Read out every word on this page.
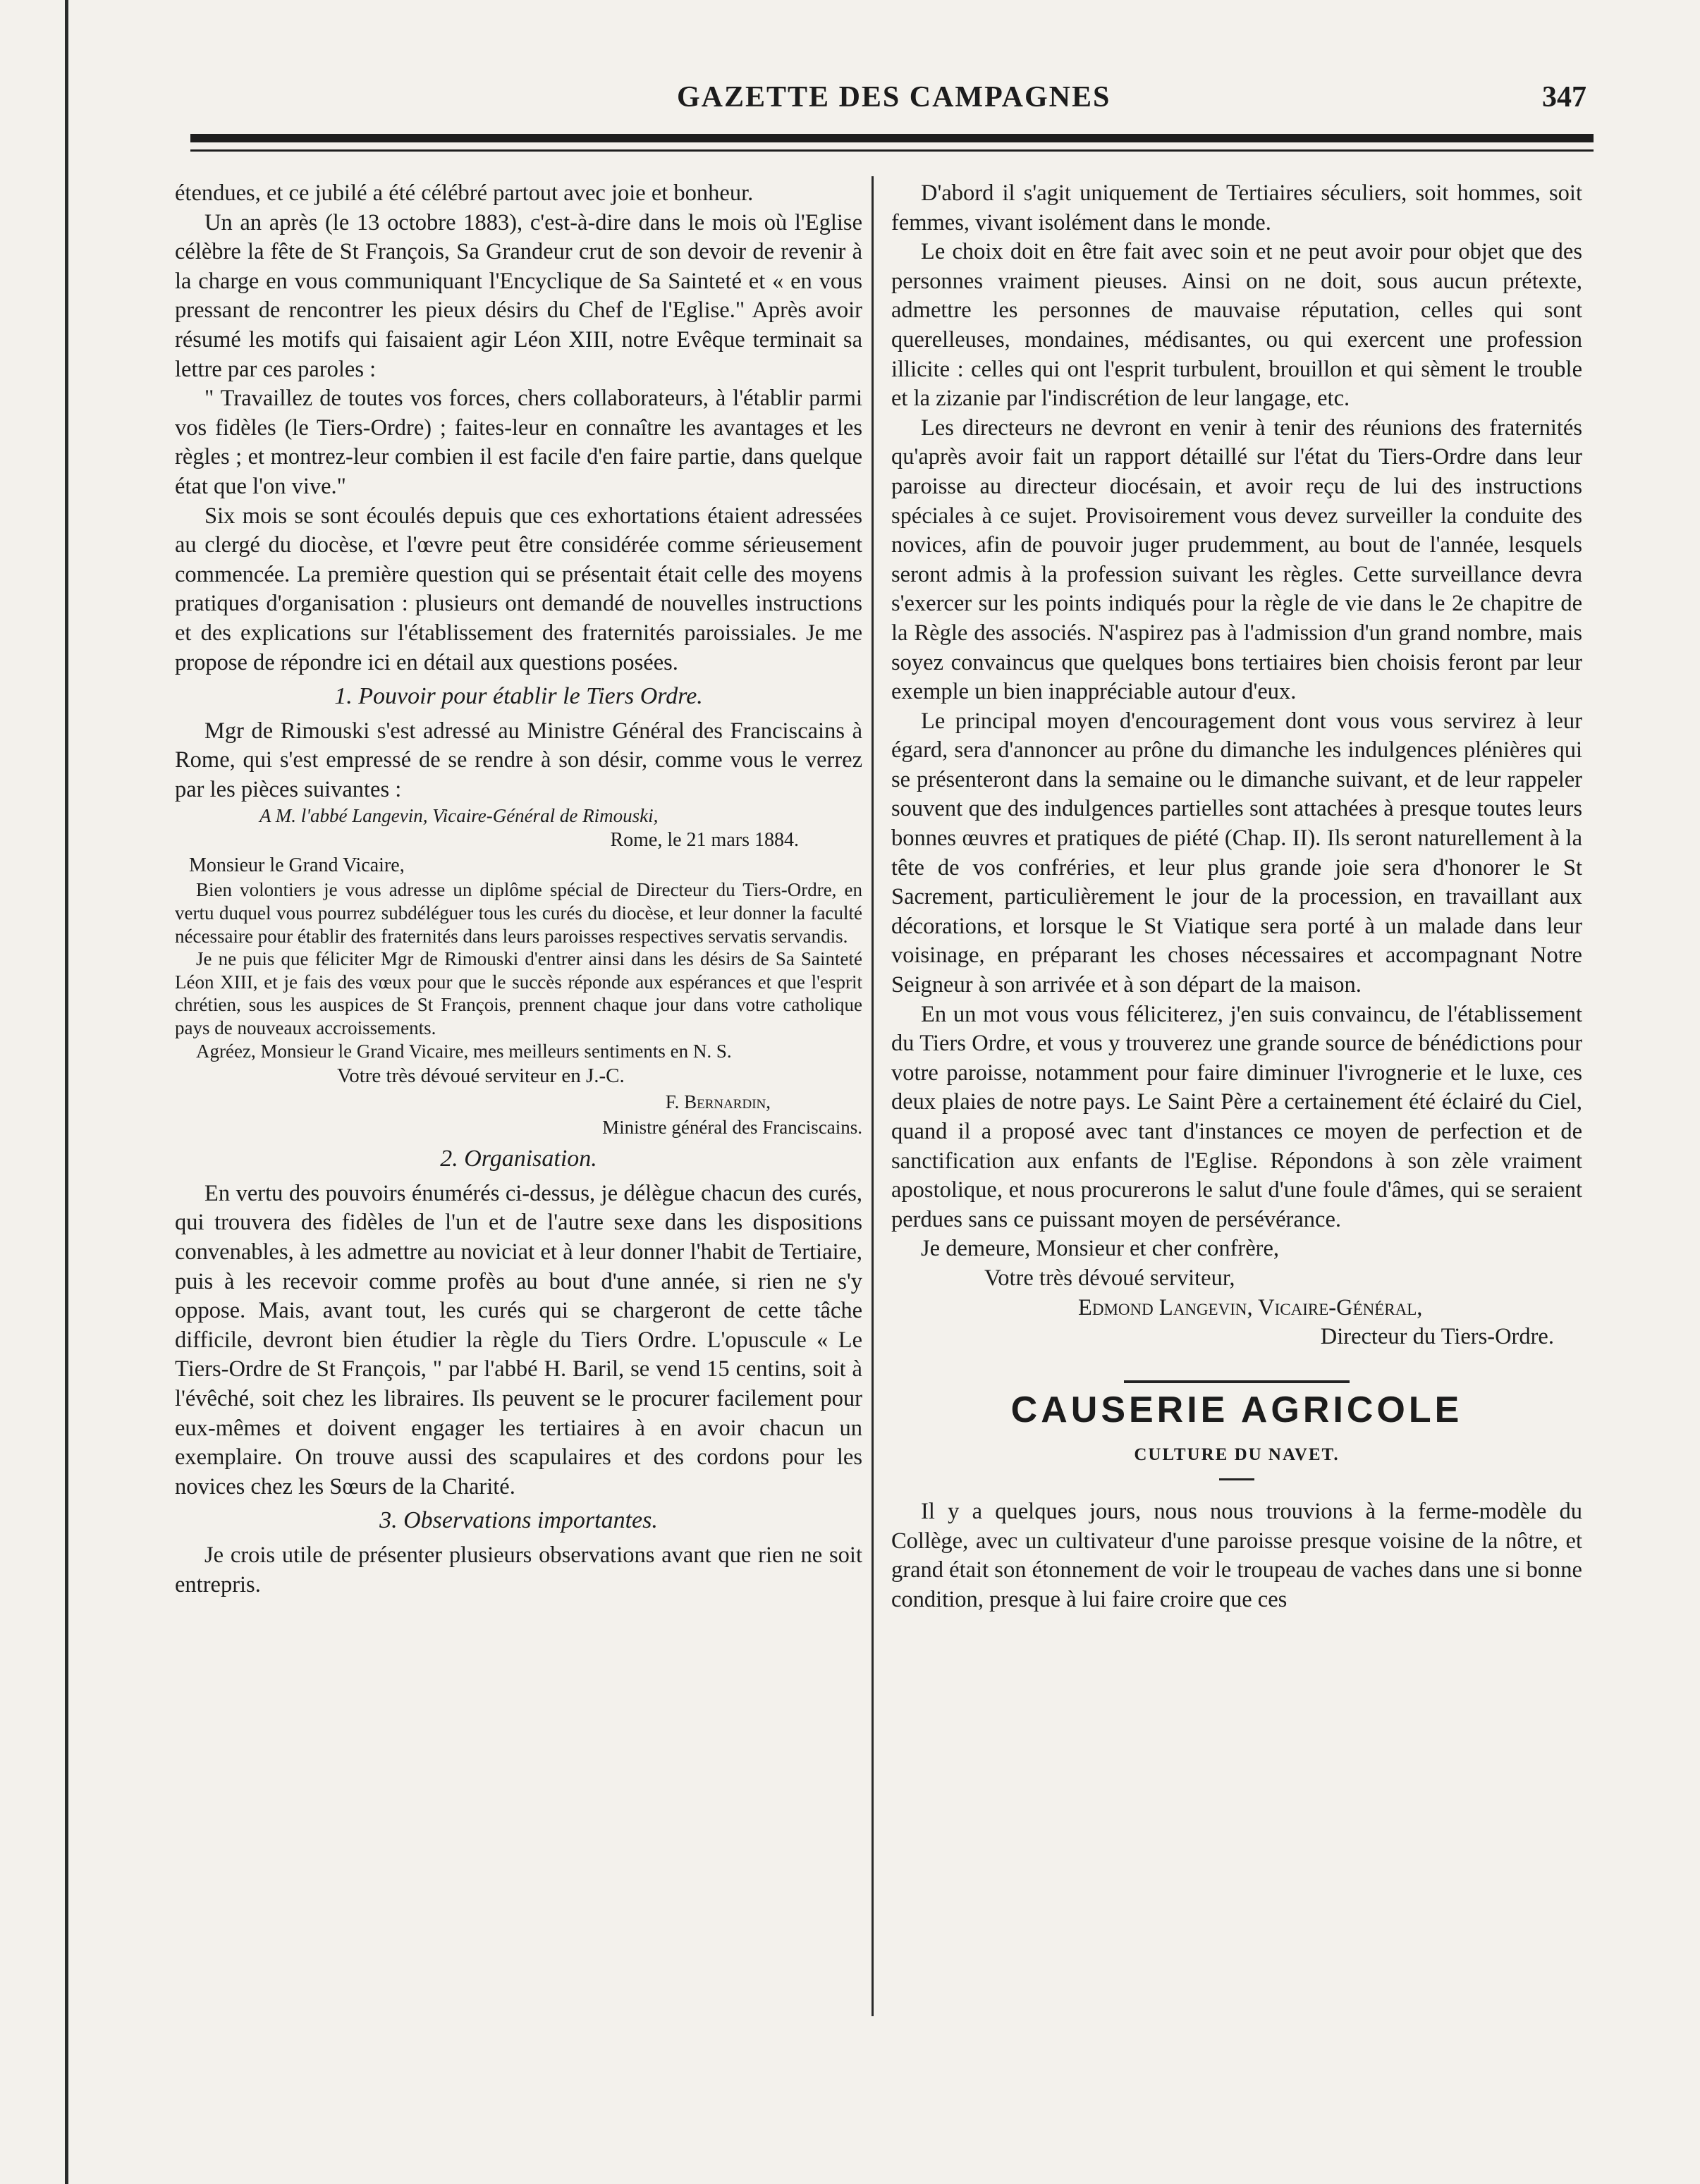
GAZETTE DES CAMPAGNES	347

étendues, et ce jubilé a été célébré partout avec joie et bonheur.

Un an après (le 13 octobre 1883), c'est-à-dire dans le mois où l'Eglise célèbre la fête de St François, Sa Grandeur crut de son devoir de revenir à la charge en vous communiquant l'Encyclique de Sa Sainteté et « en vous pressant de rencontrer les pieux désirs du Chef de l'Eglise." Après avoir résumé les motifs qui faisaient agir Léon XIII, notre Evêque terminait sa lettre par ces paroles :

" Travaillez de toutes vos forces, chers collaborateurs, à l'établir parmi vos fidèles (le Tiers-Ordre) ; faites-leur en connaître les avantages et les règles ; et montrez-leur combien il est facile d'en faire partie, dans quelque état que l'on vive."

Six mois se sont écoulés depuis que ces exhortations étaient adressées au clergé du diocèse, et l'œvre peut être considérée comme sérieusement commencée. La première question qui se présentait était celle des moyens pratiques d'organisation : plusieurs ont demandé de nouvelles instructions et des explications sur l'établissement des fraternités paroissiales. Je me propose de répondre ici en détail aux questions posées.

1. Pouvoir pour établir le Tiers Ordre.

Mgr de Rimouski s'est adressé au Ministre Général des Franciscains à Rome, qui s'est empressé de se rendre à son désir, comme vous le verrez par les pièces suivantes :

A M. l'abbé Langevin, Vicaire-Général de Rimouski,
Rome, le 21 mars 1884.
Monsieur le Grand Vicaire,

Bien volontiers je vous adresse un diplôme spécial de Directeur du Tiers-Ordre, en vertu duquel vous pourrez subdéléguer tous les curés du diocèse, et leur donner la faculté nécessaire pour établir des fraternités dans leurs paroisses respectives servatis servandis.

Je ne puis que féliciter Mgr de Rimouski d'entrer ainsi dans les désirs de Sa Sainteté Léon XIII, et je fais des vœux pour que le succès réponde aux espérances et que l'esprit chrétien, sous les auspices de St François, prennent chaque jour dans votre catholique pays de nouveaux accroissements.

Agréez, Monsieur le Grand Vicaire, mes meilleurs sentiments en N. S.

Votre très dévoué serviteur en J.-C.
F. Bernardin,
Ministre général des Franciscains.
2. Organisation.

En vertu des pouvoirs énumérés ci-dessus, je délègue chacun des curés, qui trouvera des fidèles de l'un et de l'autre sexe dans les dispositions convenables, à les admettre au noviciat et à leur donner l'habit de Tertiaire, puis à les recevoir comme profès au bout d'une année, si rien ne s'y oppose. Mais, avant tout, les curés qui se chargeront de cette tâche difficile, devront bien étudier la règle du Tiers Ordre. L'opuscule « Le Tiers-Ordre de St François, " par l'abbé H. Baril, se vend 15 centins, soit à l'évêché, soit chez les libraires. Ils peuvent se le procurer facilement pour eux-mêmes et doivent engager les tertiaires à en avoir chacun un exemplaire. On trouve aussi des scapulaires et des cordons pour les novices chez les Sœurs de la Charité.

3. Observations importantes.

Je crois utile de présenter plusieurs observations avant que rien ne soit entrepris.

D'abord il s'agit uniquement de Tertiaires séculiers, soit hommes, soit femmes, vivant isolément dans le monde.

Le choix doit en être fait avec soin et ne peut avoir pour objet que des personnes vraiment pieuses. Ainsi on ne doit, sous aucun prétexte, admettre les personnes de mauvaise réputation, celles qui sont querelleuses, mondaines, médisantes, ou qui exercent une profession illicite : celles qui ont l'esprit turbulent, brouillon et qui sèment le trouble et la zizanie par l'indiscrétion de leur langage, etc.

Les directeurs ne devront en venir à tenir des réunions des fraternités qu'après avoir fait un rapport détaillé sur l'état du Tiers-Ordre dans leur paroisse au directeur diocésain, et avoir reçu de lui des instructions spéciales à ce sujet. Provisoirement vous devez surveiller la conduite des novices, afin de pouvoir juger prudemment, au bout de l'année, lesquels seront admis à la profession suivant les règles. Cette surveillance devra s'exercer sur les points indiqués pour la règle de vie dans le 2e chapitre de la Règle des associés. N'aspirez pas à l'admission d'un grand nombre, mais soyez convaincus que quelques bons tertiaires bien choisis feront par leur exemple un bien inappréciable autour d'eux.

Le principal moyen d'encouragement dont vous vous servirez à leur égard, sera d'annoncer au prône du dimanche les indulgences plénières qui se présenteront dans la semaine ou le dimanche suivant, et de leur rappeler souvent que des indulgences partielles sont attachées à presque toutes leurs bonnes œuvres et pratiques de piété (Chap. II). Ils seront naturellement à la tête de vos confréries, et leur plus grande joie sera d'honorer le St Sacrement, particulièrement le jour de la procession, en travaillant aux décorations, et lorsque le St Viatique sera porté à un malade dans leur voisinage, en préparant les choses nécessaires et accompagnant Notre Seigneur à son arrivée et à son départ de la maison.

En un mot vous vous féliciterez, j'en suis convaincu, de l'établissement du Tiers Ordre, et vous y trouverez une grande source de bénédictions pour votre paroisse, notamment pour faire diminuer l'ivrognerie et le luxe, ces deux plaies de notre pays. Le Saint Père a certainement été éclairé du Ciel, quand il a proposé avec tant d'instances ce moyen de perfection et de sanctification aux enfants de l'Eglise. Répondons à son zèle vraiment apostolique, et nous procurerons le salut d'une foule d'âmes, qui se seraient perdues sans ce puissant moyen de persévérance.

Je demeure, Monsieur et cher confrère,

Votre très dévoué serviteur,

Edmond Langevin, Vicaire-Général,

Directeur du Tiers-Ordre.

CAUSERIE AGRICOLE
CULTURE DU NAVET.

Il y a quelques jours, nous nous trouvions à la ferme-modèle du Collège, avec un cultivateur d'une paroisse presque voisine de la nôtre, et grand était son étonnement de voir le troupeau de vaches dans une si bonne condition, presque à lui faire croire que ces
